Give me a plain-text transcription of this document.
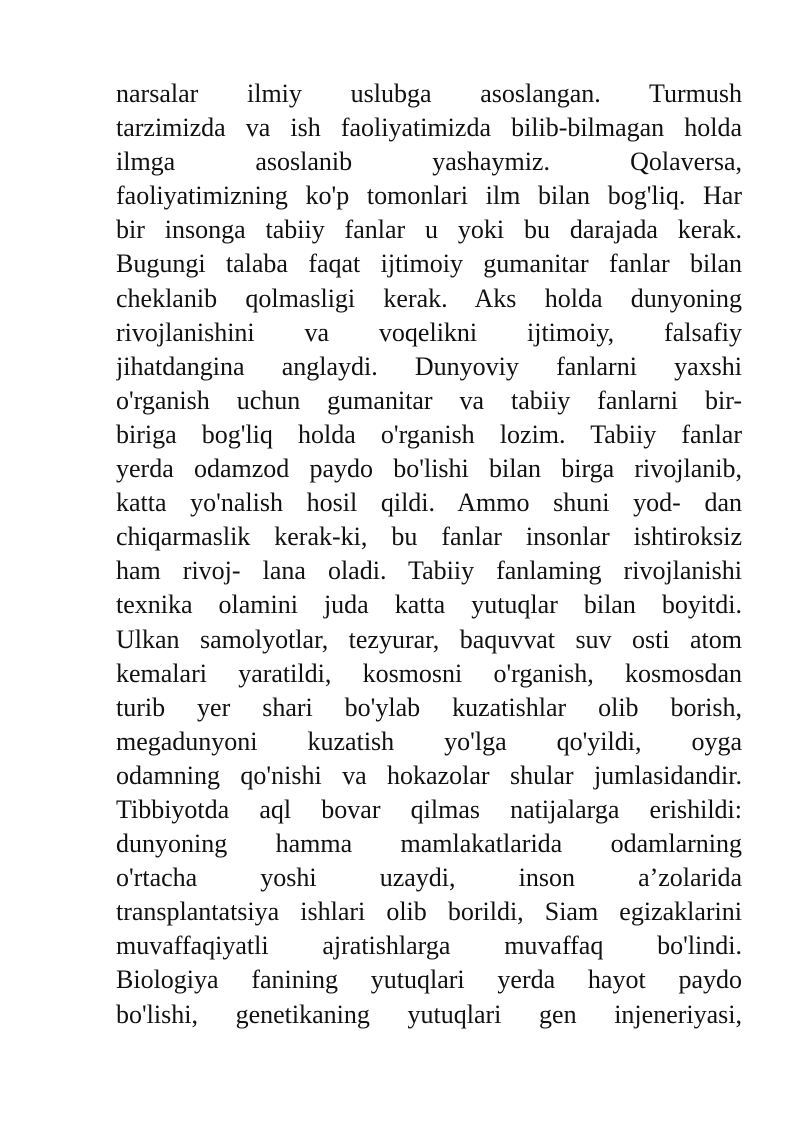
narsalar ilmiy uslubga asoslangan. Turmush
tarzimizda va ish faoliyatimizda bilib-bilmagan holda
ilmga asoslanib yashaymiz. Qolaversa,
faoliyatimizning ko'p tomonlari ilm bilan bog'liq. Har
bir insonga tabiiy fanlar u yoki bu darajada kerak.
Bugungi talaba faqat ijtimoiy gumanitar fanlar bilan
cheklanib qolmasligi kerak. Aks holda dunyoning
rivojlanishini va voqelikni ijtimoiy, falsafiy
jihatdangina anglaydi. Dunyoviy fanlarni yaxshi
o'rganish uchun gumanitar va tabiiy fanlarni bir-
biriga bog'liq holda o'rganish lozim. Tabiiy fanlar
yerda odamzod paydo bo'lishi bilan birga rivojlanib,
katta yo'nalish hosil qildi. Ammo shuni yod- dan
chiqarmaslik kerak-ki, bu fanlar insonlar ishtiroksiz
ham rivoj- lana oladi. Tabiiy fanlaming rivojlanishi
texnika olamini juda katta yutuqlar bilan boyitdi.
Ulkan samolyotlar, tezyurar, baquvvat suv osti atom
kemalari yaratildi, kosmosni o'rganish, kosmosdan
turib yer shari bo'ylab kuzatishlar olib borish,
megadunyoni kuzatish yo'lga qo'yildi, oyga
odamning qo'nishi va hokazolar shular jumlasidandir.
Tibbiyotda aql bovar qilmas natijalarga erishildi:
dunyoning hamma mamlakatlarida odamlarning
o'rtacha yoshi uzaydi, inson a’zolarida
transplantatsiya ishlari olib borildi, Siam egizaklarini
muvaffaqiyatli ajratishlarga muvaffaq bo'lindi.
Biologiya fanining yutuqlari yerda hayot paydo
bo'lishi, genetikaning yutuqlari gen injeneriyasi,
